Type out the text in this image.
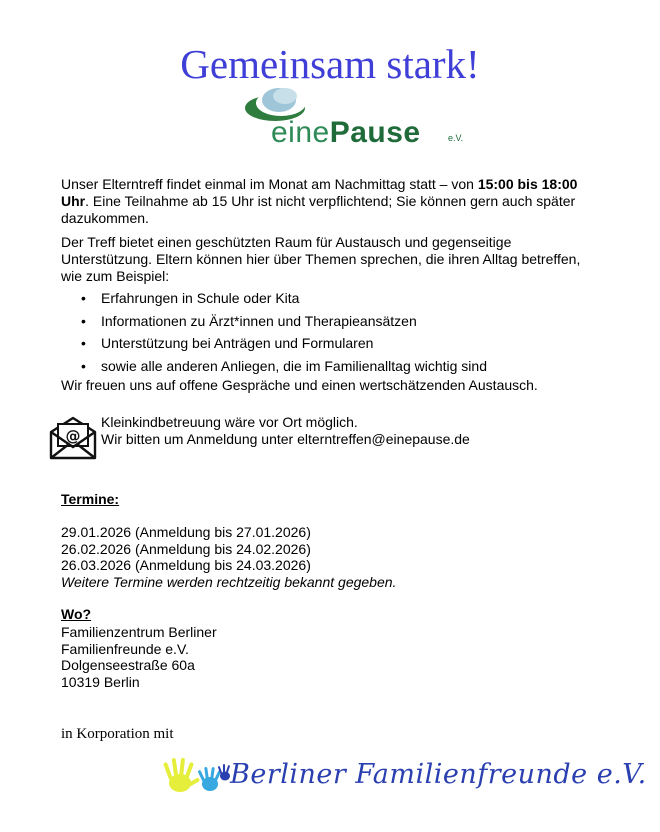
Gemeinsam stark!
einePause	e.V.
Unser Elterntreff findet einmal im Monat am Nachmittag statt – von 15:00 bis 18:00 Uhr. Eine Teilnahme ab 15 Uhr ist nicht verpflichtend; Sie können gern auch später dazukommen.
Der Treff bietet einen geschützten Raum für Austausch und gegenseitige Unterstützung. Eltern können hier über Themen sprechen, die ihren Alltag betreffen, wie zum Beispiel:
• Erfahrungen in Schule oder Kita
• Informationen zu Ärzt*innen und Therapieansätzen
• Unterstützung bei Anträgen und Formularen
• sowie alle anderen Anliegen, die im Familienalltag wichtig sind
Wir freuen uns auf offene Gespräche und einen wertschätzenden Austausch.
@
Kleinkindbetreuung wäre vor Ort möglich.
Wir bitten um Anmeldung unter elterntreffen@einepause.de
Termine:
29.01.2026 (Anmeldung bis 27.01.2026)
26.02.2026 (Anmeldung bis 24.02.2026)
26.03.2026 (Anmeldung bis 24.03.2026)
Weitere Termine werden rechtzeitig bekannt gegeben.
Wo?
Familienzentrum Berliner
Familienfreunde e.V.
Dolgenseestraße 60a
10319 Berlin
in Korporation mit
Berliner Familienfreunde e.V.
